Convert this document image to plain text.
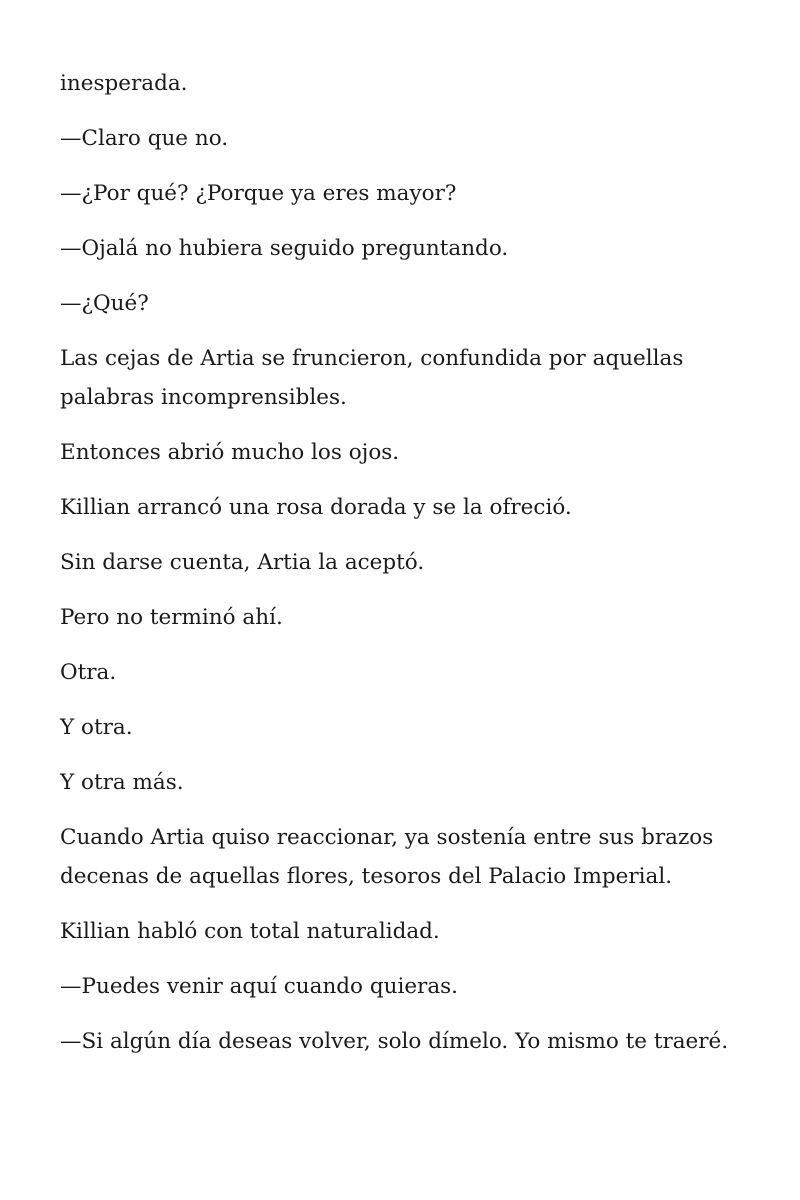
inesperada.

—Claro que no.

—¿Por qué? ¿Porque ya eres mayor?

—Ojalá no hubiera seguido preguntando.

—¿Qué?

Las cejas de Artia se fruncieron, confundida por aquellas palabras incomprensibles.

Entonces abrió mucho los ojos.

Killian arrancó una rosa dorada y se la ofreció.

Sin darse cuenta, Artia la aceptó.

Pero no terminó ahí.

Otra.

Y otra.

Y otra más.

Cuando Artia quiso reaccionar, ya sostenía entre sus brazos decenas de aquellas flores, tesoros del Palacio Imperial.

Killian habló con total naturalidad.

—Puedes venir aquí cuando quieras.

—Si algún día deseas volver, solo dímelo. Yo mismo te traeré.
